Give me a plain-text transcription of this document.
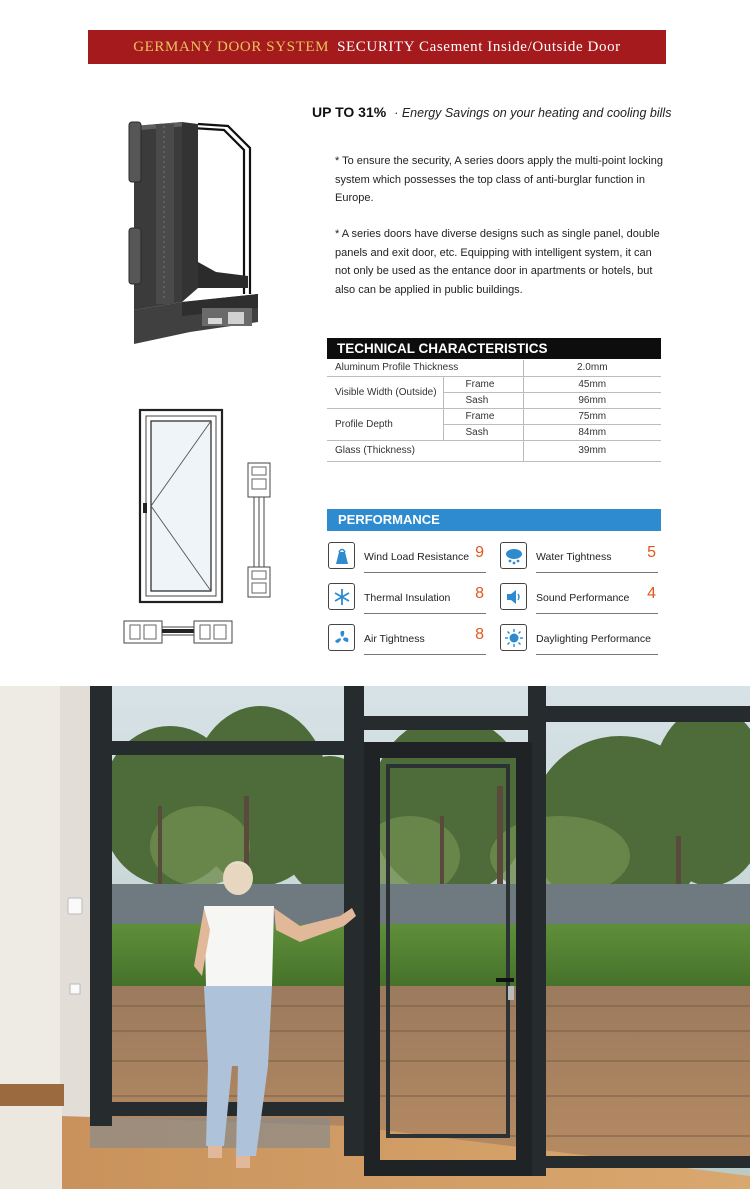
GERMANY DOOR SYSTEM SECURITY Casement Inside/Outside Door
UP TO 31% · Energy Savings on your heating and cooling bills

* To ensure the security, A series doors apply the multi-point locking system which possesses the top class of anti-burglar function in Europe.

* A series doors have diverse designs such as single panel, double panels and exit door, etc. Equipping with intelligent system, it can not only be used as the entance door in apartments or hotels, but also can be applied in public buildings.

TECHNICAL CHARACTERISTICS
Aluminum Profile Thickness		2.0mm
Visible Width (Outside)	Frame	45mm
	Sash	96mm
Profile Depth	Frame	75mm
	Sash	84mm
Glass (Thickness)		39mm
PERFORMANCE
Wind Load Resistance 9	Water Tightness 5
Thermal Insulation 8	Sound Performance 4
Air Tightness	8	Daylighting Performance
